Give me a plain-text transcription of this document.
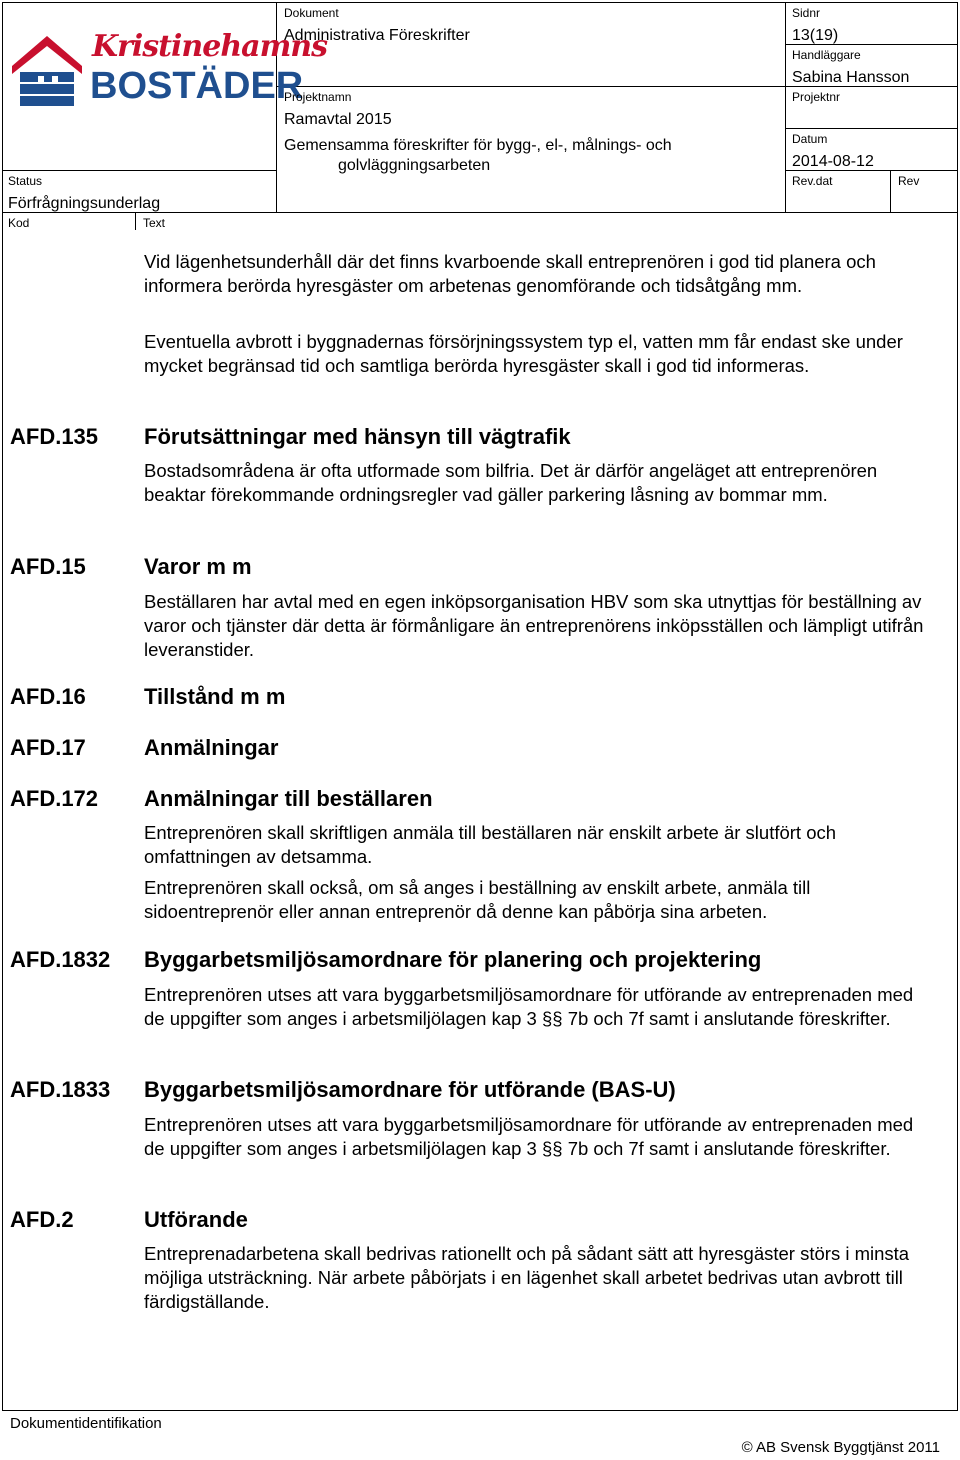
Kristinehamns
BOSTÄDER
Dokument
Administrativa Föreskrifter
Sidnr
13(19)
Handläggare
Sabina Hansson
Projektnamn
Ramavtal 2015
Gemensamma föreskrifter för bygg-, el-, målnings- och
golvläggningsarbeten
Projektnr
Datum
2014-08-12
Status
Förfrågningsunderlag
Rev.dat	Rev
Kod	Text
Vid lägenhetsunderhåll där det finns kvarboende skall entreprenören i god tid planera och informera berörda hyresgäster om arbetenas genomförande och tidsåtgång mm.
Eventuella avbrott i byggnadernas försörjningssystem typ el, vatten mm får endast ske under mycket begränsad tid och samtliga berörda hyresgäster skall i god tid informeras.
AFD.135 Förutsättningar med hänsyn till vägtrafik
Bostadsområdena är ofta utformade som bilfria. Det är därför angeläget att entreprenören beaktar förekommande ordningsregler vad gäller parkering låsning av bommar mm.
AFD.15	Varor m m
Beställaren har avtal med en egen inköpsorganisation HBV som ska utnyttjas för beställning av varor och tjänster där detta är förmånligare än entreprenörens inköpsställen och lämpligt utifrån leveranstider.
AFD.16	Tillstånd m m
AFD.17	Anmälningar
AFD.172 Anmälningar till beställaren
Entreprenören skall skriftligen anmäla till beställaren när enskilt arbete är slutfört och omfattningen av detsamma.
Entreprenören skall också, om så anges i beställning av enskilt arbete, anmäla till sidoentreprenör eller annan entreprenör då denne kan påbörja sina arbeten.
AFD.1832 Byggarbetsmiljösamordnare för planering och projektering
Entreprenören utses att vara byggarbetsmiljösamordnare för utförande av entreprenaden med de uppgifter som anges i arbetsmiljölagen kap 3 §§ 7b och 7f samt i anslutande föreskrifter.
AFD.1833 Byggarbetsmiljösamordnare för utförande (BAS-U)
Entreprenören utses att vara byggarbetsmiljösamordnare för utförande av entreprenaden med de uppgifter som anges i arbetsmiljölagen kap 3 §§ 7b och 7f samt i anslutande föreskrifter.
AFD.2	Utförande
Entreprenadarbetena skall bedrivas rationellt och på sådant sätt att hyresgäster störs i minsta möjliga utsträckning. När arbete påbörjats i en lägenhet skall arbetet bedrivas utan avbrott till färdigställande.
Dokumentidentifikation
© AB Svensk Byggtjänst 2011
